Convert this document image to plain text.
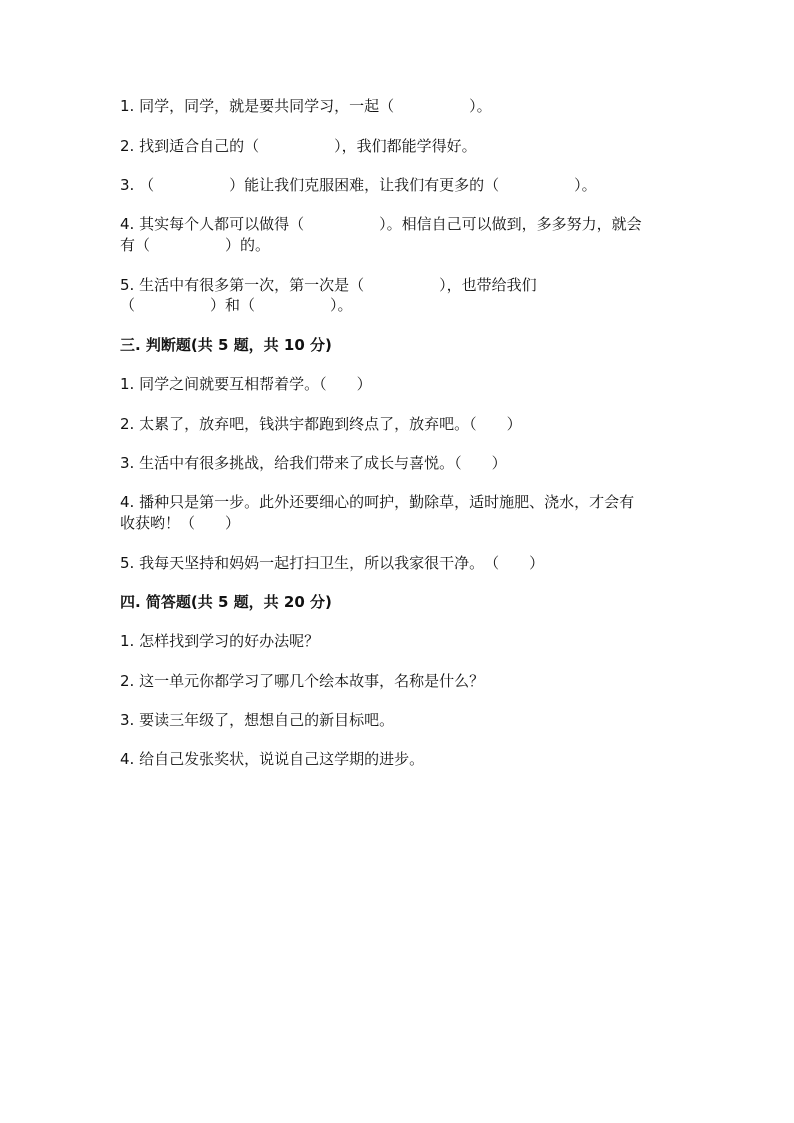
1. 同学，同学，就是要共同学习，一起（　　　　　）。

2. 找到适合自己的（　　　　　），我们都能学得好。

3. （　　　　　）能让我们克服困难，让我们有更多的（　　　　　）。

4. 其实每个人都可以做得（　　　　　）。相信自己可以做到，多多努力，就会

有（　　　　　）的。

5. 生活中有很多第一次，第一次是（　　　　　），也带给我们

（　　　　　）和（　　　　　）。

三. 判断题(共 5 题，共 10 分)

1. 同学之间就要互相帮着学。（　　）

2. 太累了，放弃吧，钱洪宇都跑到终点了，放弃吧。（　　）

3. 生活中有很多挑战，给我们带来了成长与喜悦。（　　）

4. 播种只是第一步。此外还要细心的呵护，勤除草，适时施肥、浇水，才会有

收获哟！（　　）

5. 我每天坚持和妈妈一起打扫卫生，所以我家很干净。　（　　）

四. 简答题(共 5 题，共 20 分)

1. 怎样找到学习的好办法呢？

2. 这一单元你都学习了哪几个绘本故事，名称是什么？

3. 要读三年级了，想想自己的新目标吧。

4. 给自己发张奖状，说说自己这学期的进步。
